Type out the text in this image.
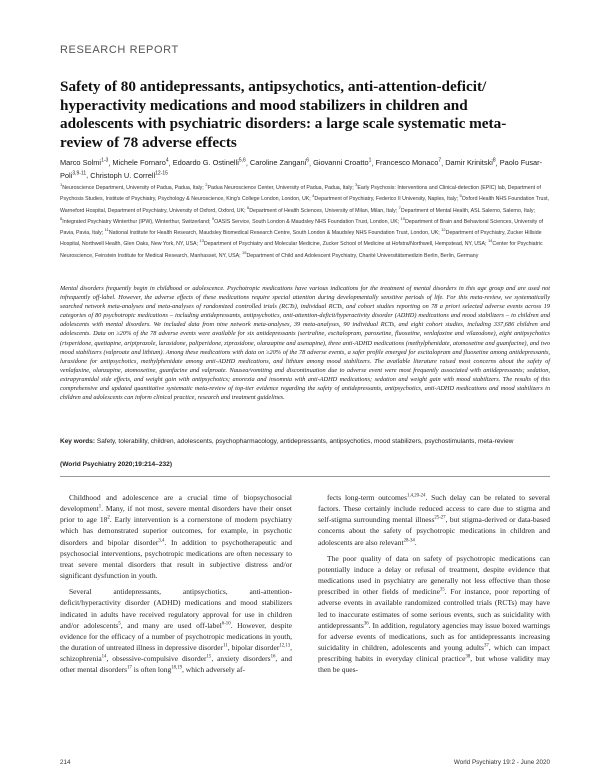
RESEARCH REPORT
Safety of 80 antidepressants, antipsychotics, anti-attention-deficit/ hyperactivity medications and mood stabilizers in children and adolescents with psychiatric disorders: a large scale systematic meta-review of 78 adverse effects
Marco Solmi$^{1-3}$, Michele Fornaro$^4$, Edoardo G. Ostinelli$^{5,6}$, Caroline Zangani$^6$, Giovanni Croatto$^1$, Francesco Monaco$^7$, Damir Krinitski$^8$, Paolo Fusar-Poli$^{3,9-11}$, Christoph U. Correll$^{12-15}$
$^1$Neuroscience Department, University of Padua, Padua, Italy; $^2$Padua Neuroscience Center, University of Padua, Padua, Italy; $^3$Early Psychosis: Interventions and Clinical-detection (EPIC) lab, Department of Psychosis Studies, Institute of Psychiatry, Psychology & Neuroscience, King's College London, London, UK; $^4$Department of Psychiatry, Federico II University, Naples, Italy; $^5$Oxford Health NHS Foundation Trust, Warneford Hospital, Department of Psychiatry, University of Oxford, Oxford, UK; $^6$Department of Health Sciences, University of Milan, Milan, Italy; $^7$Department of Mental Health, ASL Salerno, Salerno, Italy; $^8$Integrated Psychiatry Winterthur (IPW), Winterthur, Switzerland; $^9$OASIS Service, South London & Maudsley NHS Foundation Trust, London, UK; $^{10}$Department of Brain and Behavioral Sciences, University of Pavia, Pavia, Italy; $^{11}$National Institute for Health Research, Maudsley Biomedical Research Centre, South London & Maudsley NHS Foundation Trust, London, UK; $^{12}$Department of Psychiatry, Zucker Hillside Hospital, Northwell Health, Glen Oaks, New York, NY, USA; $^{13}$Department of Psychiatry and Molecular Medicine, Zucker School of Medicine at Hofstra/Northwell, Hempstead, NY, USA; $^{14}$Center for Psychiatric Neuroscience, Feinstein Institute for Medical Research, Manhasset, NY, USA; $^{15}$Department of Child and Adolescent Psychiatry, Charité Universitätsmedizin Berlin, Berlin, Germany
Mental disorders frequently begin in childhood or adolescence. Psychotropic medications have various indications for the treatment of mental disorders in this age group and are used not infrequently off-label. However, the adverse effects of these medications require special attention during developmentally sensitive periods of life. For this meta-review, we systematically searched network meta-analyses and meta-analyses of randomized controlled trials (RCTs), individual RCTs, and cohort studies reporting on 78 a priori selected adverse events across 19 categories of 80 psychotropic medications – including antidepressants, antipsychotics, anti-attention-deficit/hyperactivity disorder (ADHD) medications and mood stabilizers – in children and adolescents with mental disorders. We included data from nine network meta-analyses, 39 meta-analyses, 90 individual RCTs, and eight cohort studies, including 337,686 children and adolescents. Data on ≥20% of the 78 adverse events were available for six antidepressants (sertraline, escitalopram, paroxetine, fluoxetine, venlafaxine and vilazodone), eight antipsychotics (risperidone, quetiapine, aripiprazole, lurasidone, paliperidone, ziprasidone, olanzapine and asenapine), three anti-ADHD medications (methylphenidate, atomoxetine and guanfacine), and two mood stabilizers (valproate and lithium). Among these medications with data on ≥20% of the 78 adverse events, a safer profile emerged for escitalopram and fluoxetine among antidepressants, lurasidone for antipsychotics, methylphenidate among anti-ADHD medications, and lithium among mood stabilizers. The available literature raised most concerns about the safety of venlafaxine, olanzapine, atomoxetine, guanfacine and valproate. Nausea/vomiting and discontinuation due to adverse event were most frequently associated with antidepressants; sedation, extrapyramidal side effects, and weight gain with antipsychotics; anorexia and insomnia with anti-ADHD medications; sedation and weight gain with mood stabilizers. The results of this comprehensive and updated quantitative systematic meta-review of top-tier evidence regarding the safety of antidepressants, antipsychotics, anti-ADHD medications and mood stabilizers in children and adolescents can inform clinical practice, research and treatment guidelines.
Key words: Safety, tolerability, children, adolescents, psychopharmacology, antidepressants, antipsychotics, mood stabilizers, psychostimulants, meta-review
(World Psychiatry 2020;19:214–232)

Childhood and adolescence are a crucial time of biopsychosocial development$^1$. Many, if not most, severe mental disorders have their onset prior to age $18^2$. Early intervention is a cornerstone of modern psychiatry which has demonstrated superior outcomes, for example, in psychotic disorders and bipolar disorder$^{3,4}$. In addition to psychotherapeutic and psychosocial interventions, psychotropic medications are often necessary to treat severe mental disorders that result in subjective distress and/or significant dysfunction in youth.

Several antidepressants, antipsychotics, anti-attention-deficit/hyperactivity disorder (ADHD) medications and mood stabilizers indicated in adults have received regulatory approval for use in children and/or adolescents$^5$, and many are used off-label$^{6-10}$. However, despite evidence for the efficacy of a number of psychotropic medications in youth, the duration of untreated illness in depressive disorder$^{11}$, bipolar disorder$^{12,13}$, schizophrenia$^{14}$, obsessive-compulsive disorder$^{15}$, anxiety disorders$^{16}$, and other mental disorders$^{17}$ is often long$^{18,19}$, which adversely af-

fects long-term outcomes$^{1,4,20-24}$. Such delay can be related to several factors. These certainly include reduced access to care due to stigma and self-stigma surrounding mental illness$^{25-27}$, but stigma-derived or data-based concerns about the safety of psychotropic medications in children and adolescents are also relevant$^{28-34}$.

The poor quality of data on safety of psychotropic medications can potentially induce a delay or refusal of treatment, despite evidence that medications used in psychiatry are generally not less effective than those prescribed in other fields of medicine$^{35}$. For instance, poor reporting of adverse events in available randomized controlled trials (RCTs) may have led to inaccurate estimates of some serious events, such as suicidality with antidepressants$^{36}$. In addition, regulatory agencies may issue boxed warnings for adverse events of medications, such as for antidepressants increasing suicidality in children, adolescents and young adults$^{37}$, which can impact prescribing habits in everyday clinical practice$^{38}$, but whose validity may then be ques-

214	World Psychiatry 19:2 - June 2020
